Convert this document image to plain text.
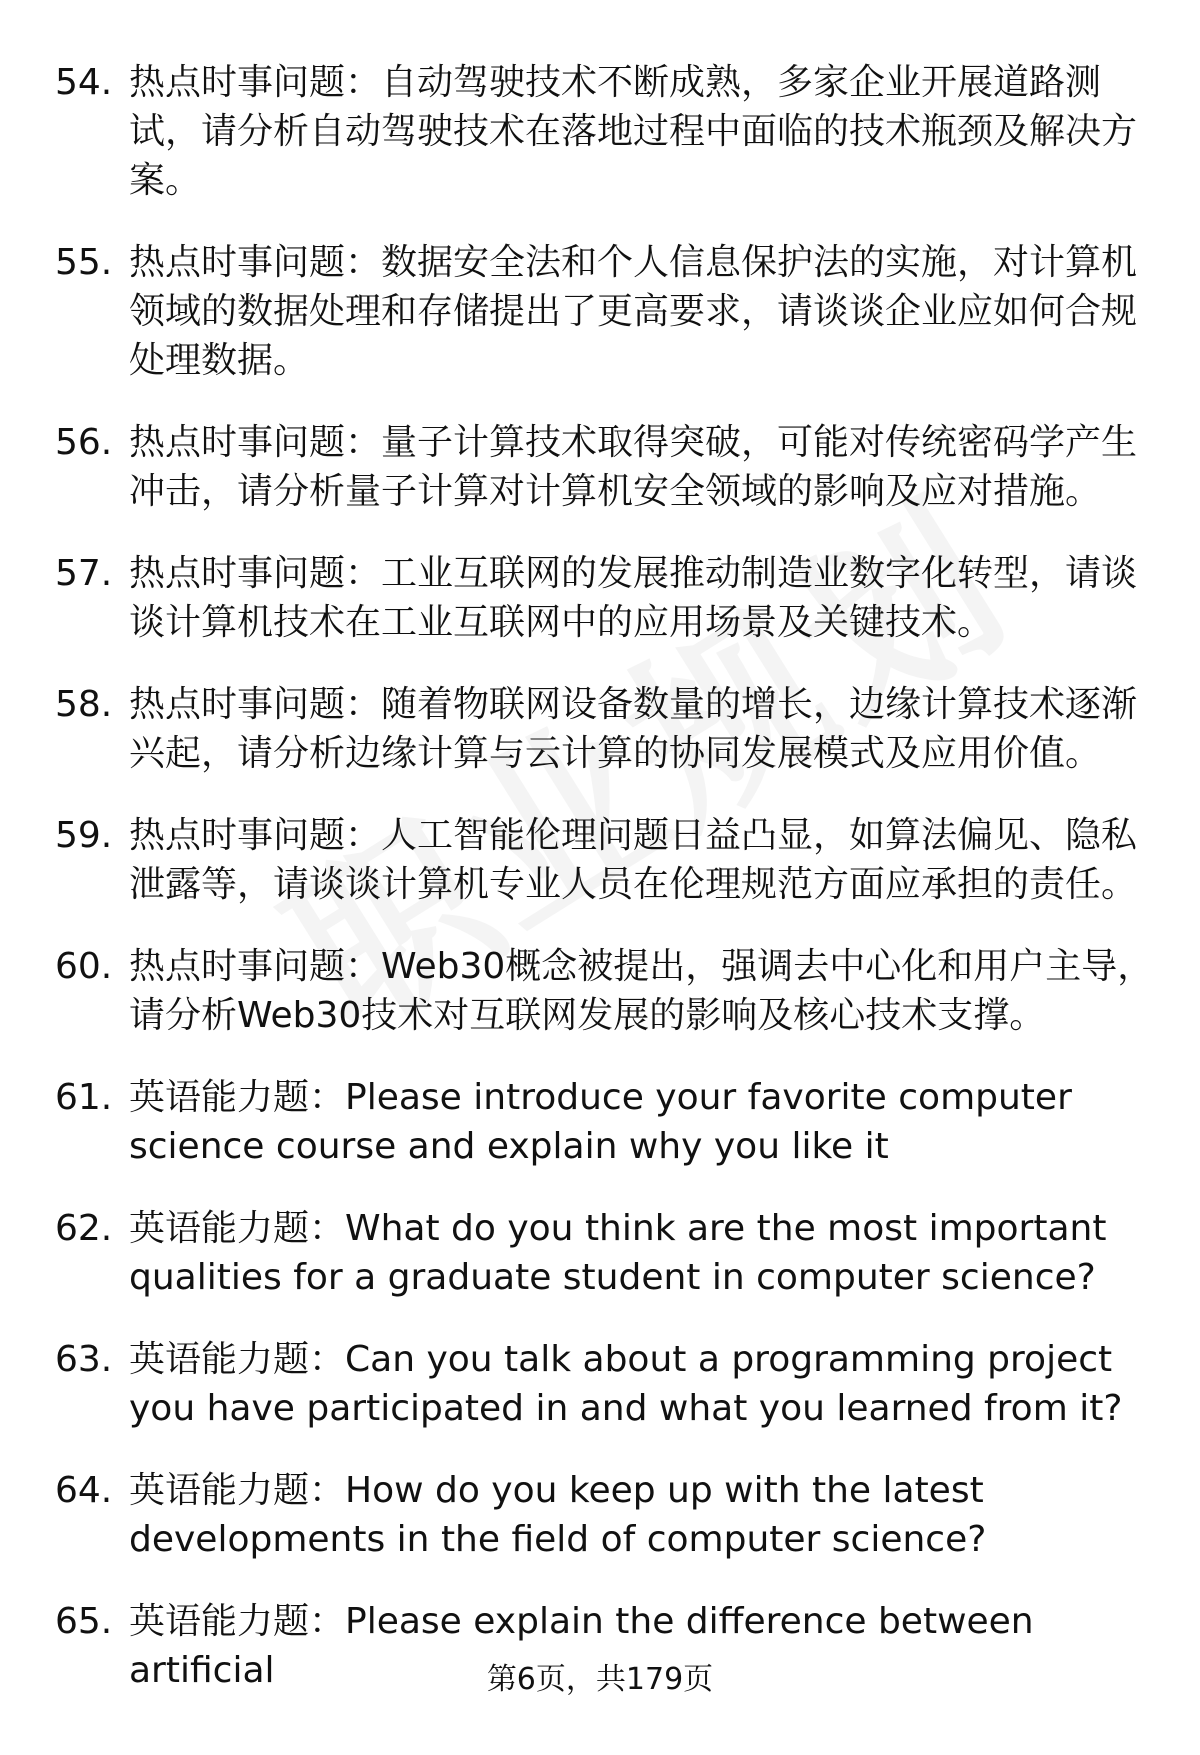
54. 热点时事问题：自动驾驶技术不断成熟，多家企业开展道路测试，请分析自动驾驶技术在落地过程中面临的技术瓶颈及解决方案。
55. 热点时事问题：数据安全法和个人信息保护法的实施，对计算机领域的数据处理和存储提出了更高要求，请谈谈企业应如何合规处理数据。
56. 热点时事问题：量子计算技术取得突破，可能对传统密码学产生冲击，请分析量子计算对计算机安全领域的影响及应对措施。
57. 热点时事问题：工业互联网的发展推动制造业数字化转型，请谈谈计算机技术在工业互联网中的应用场景及关键技术。
58. 热点时事问题：随着物联网设备数量的增长，边缘计算技术逐渐兴起，请分析边缘计算与云计算的协同发展模式及应用价值。
59. 热点时事问题：人工智能伦理问题日益凸显，如算法偏见、隐私泄露等，请谈谈计算机专业人员在伦理规范方面应承担的责任。
60. 热点时事问题：Web30概念被提出，强调去中心化和用户主导，请分析Web30技术对互联网发展的影响及核心技术支撑。
61. 英语能力题：Please introduce your favorite computer science course and explain why you like it
62. 英语能力题：What do you think are the most important qualities for a graduate student in computer science?
63. 英语能力题：Can you talk about a programming project you have participated in and what you learned from it?
64. 英语能力题：How do you keep up with the latest developments in the field of computer science?
65. 英语能力题：Please explain the difference between artificial	第6页，共179页
